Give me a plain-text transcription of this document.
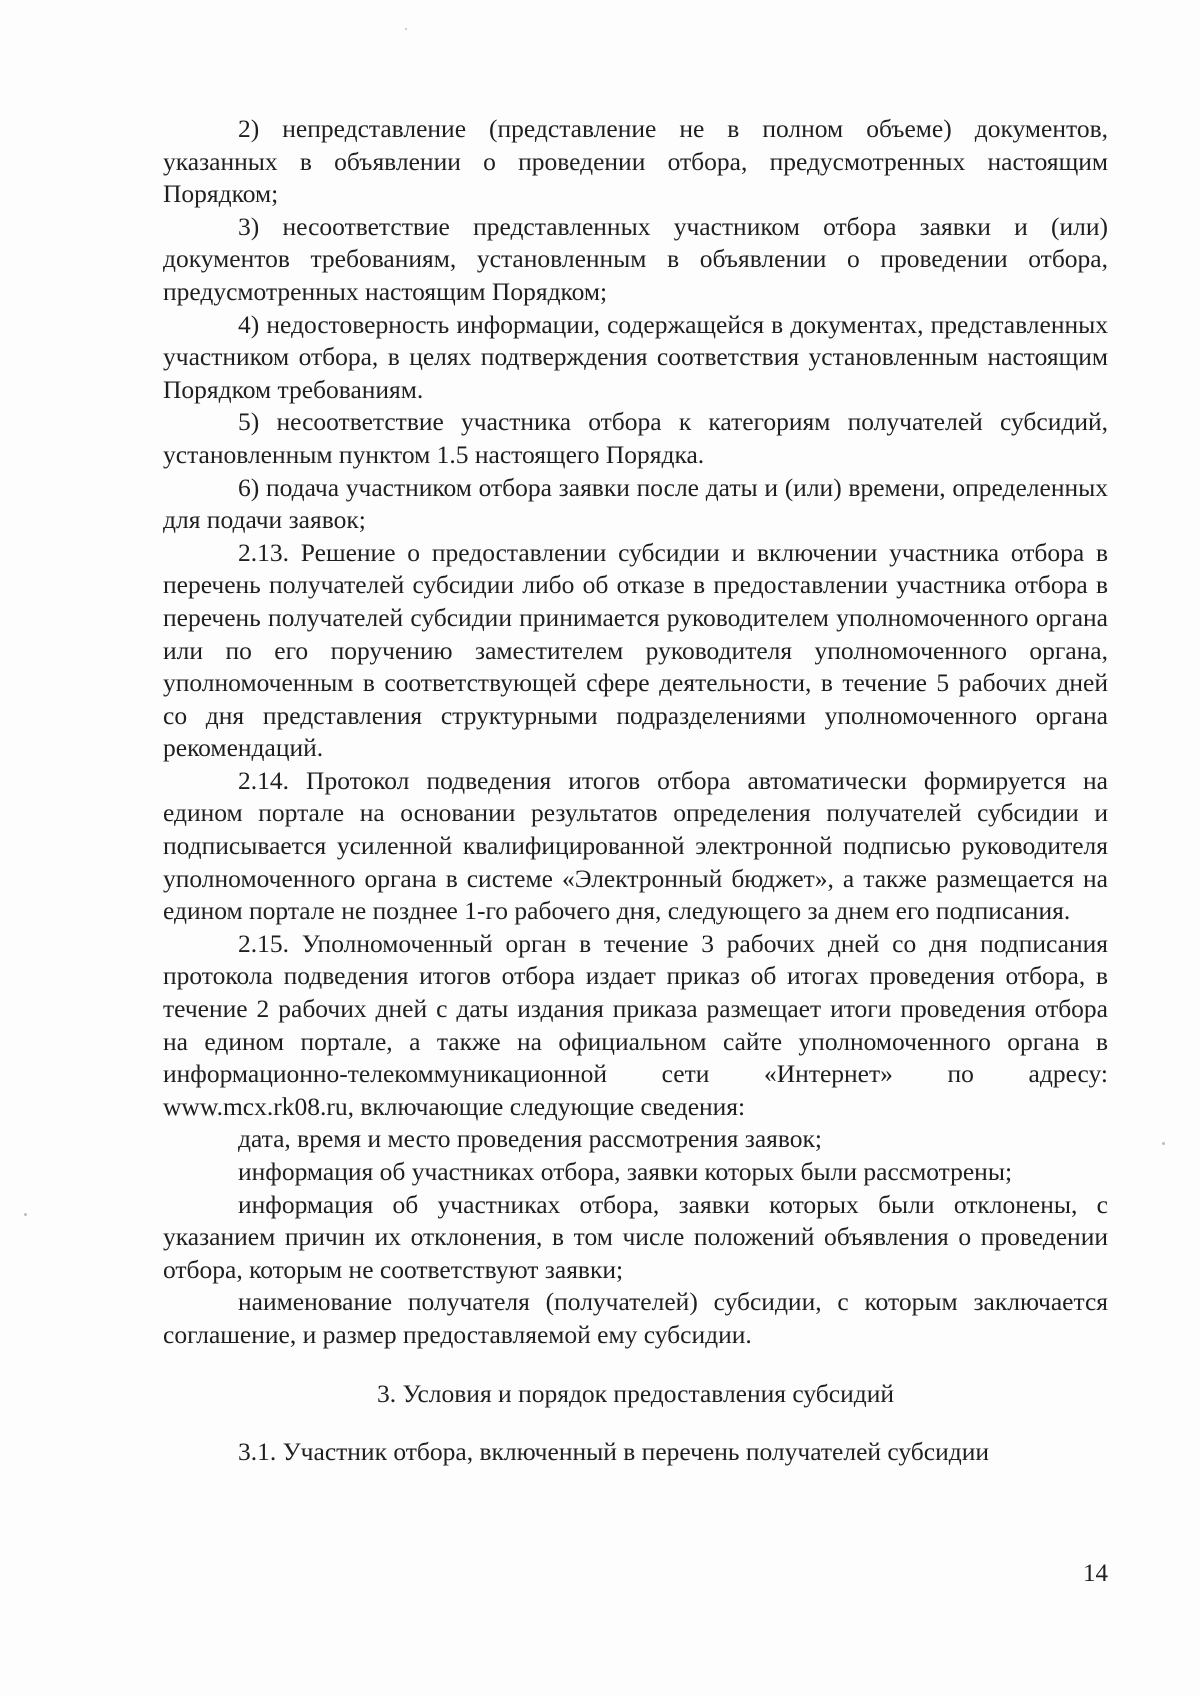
2) непредставление (представление не в полном объеме) документов, указанных в объявлении о проведении отбора, предусмотренных настоящим Порядком;

3) несоответствие представленных участником отбора заявки и (или) документов требованиям, установленным в объявлении о проведении отбора, предусмотренных настоящим Порядком;

4) недостоверность информации, содержащейся в документах, представленных участником отбора, в целях подтверждения соответствия установленным настоящим Порядком требованиям.

5) несоответствие участника отбора к категориям получателей субсидий, установленным пунктом 1.5 настоящего Порядка.

6) подача участником отбора заявки после даты и (или) времени, определенных для подачи заявок;

2.13. Решение о предоставлении субсидии и включении участника отбора в перечень получателей субсидии либо об отказе в предоставлении участника отбора в перечень получателей субсидии принимается руководителем уполномоченного органа или по его поручению заместителем руководителя уполномоченного органа, уполномоченным в соответствующей сфере деятельности, в течение 5 рабочих дней со дня представления структурными подразделениями уполномоченного органа рекомендаций.

2.14. Протокол подведения итогов отбора автоматически формируется на едином портале на основании результатов определения получателей субсидии и подписывается усиленной квалифицированной электронной подписью руководителя уполномоченного органа в системе «Электронный бюджет», а также размещается на едином портале не позднее 1-го рабочего дня, следующего за днем его подписания.

2.15. Уполномоченный орган в течение 3 рабочих дней со дня подписания протокола подведения итогов отбора издает приказ об итогах проведения отбора, в течение 2 рабочих дней с даты издания приказа размещает итоги проведения отбора на едином портале, а также на официальном сайте уполномоченного органа в информационно-телекоммуникационной сети «Интернет» по адресу: www.mcx.rk08.ru, включающие следующие сведения:

дата, время и место проведения рассмотрения заявок;

информация об участниках отбора, заявки которых были рассмотрены;

информация об участниках отбора, заявки которых были отклонены, с указанием причин их отклонения, в том числе положений объявления о проведении отбора, которым не соответствуют заявки;

наименование получателя (получателей) субсидии, с которым заключается соглашение, и размер предоставляемой ему субсидии.

3. Условия и порядок предоставления субсидий

3.1. Участник отбора, включенный в перечень получателей субсидии

14
